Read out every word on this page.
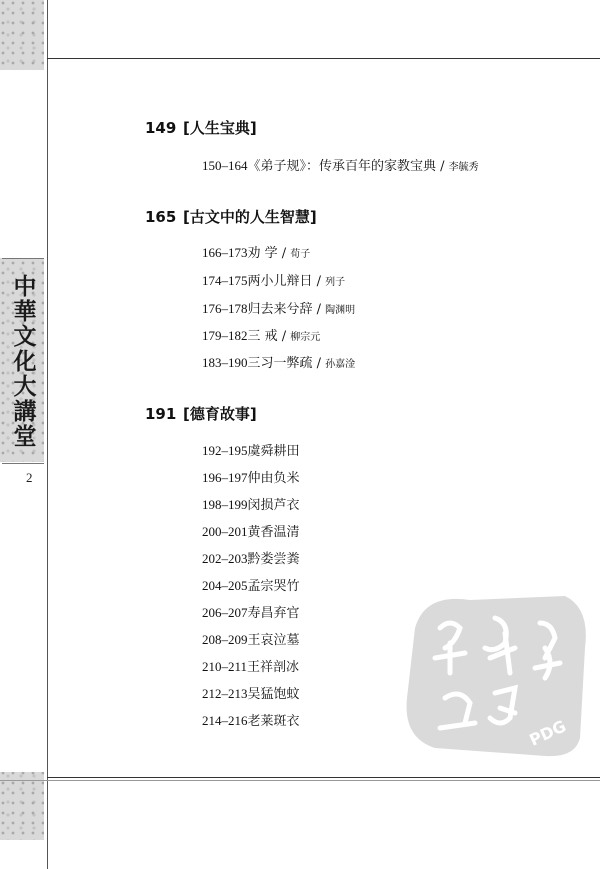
中華文化大講堂
2
149 [人生宝典]
150–164《弟子规》：传承百年的家教宝典 / 李毓秀
165 [古文中的人生智慧]
166–173劝 学 / 荀子
174–175两小儿辩日 / 列子
176–178归去来兮辞 / 陶渊明
179–182三 戒 / 柳宗元
183–190三习一弊疏 / 孙嘉淦
191 [德育故事]
192–195虞舜耕田
196–197仲由负米
198–199闵损芦衣
200–201黄香温清
202–203黔娄尝粪
204–205孟宗哭竹
206–207寿昌弃官
208–209王哀泣墓
210–211王祥剖冰
212–213吴猛饱蚊
214–216老莱斑衣	PDG
